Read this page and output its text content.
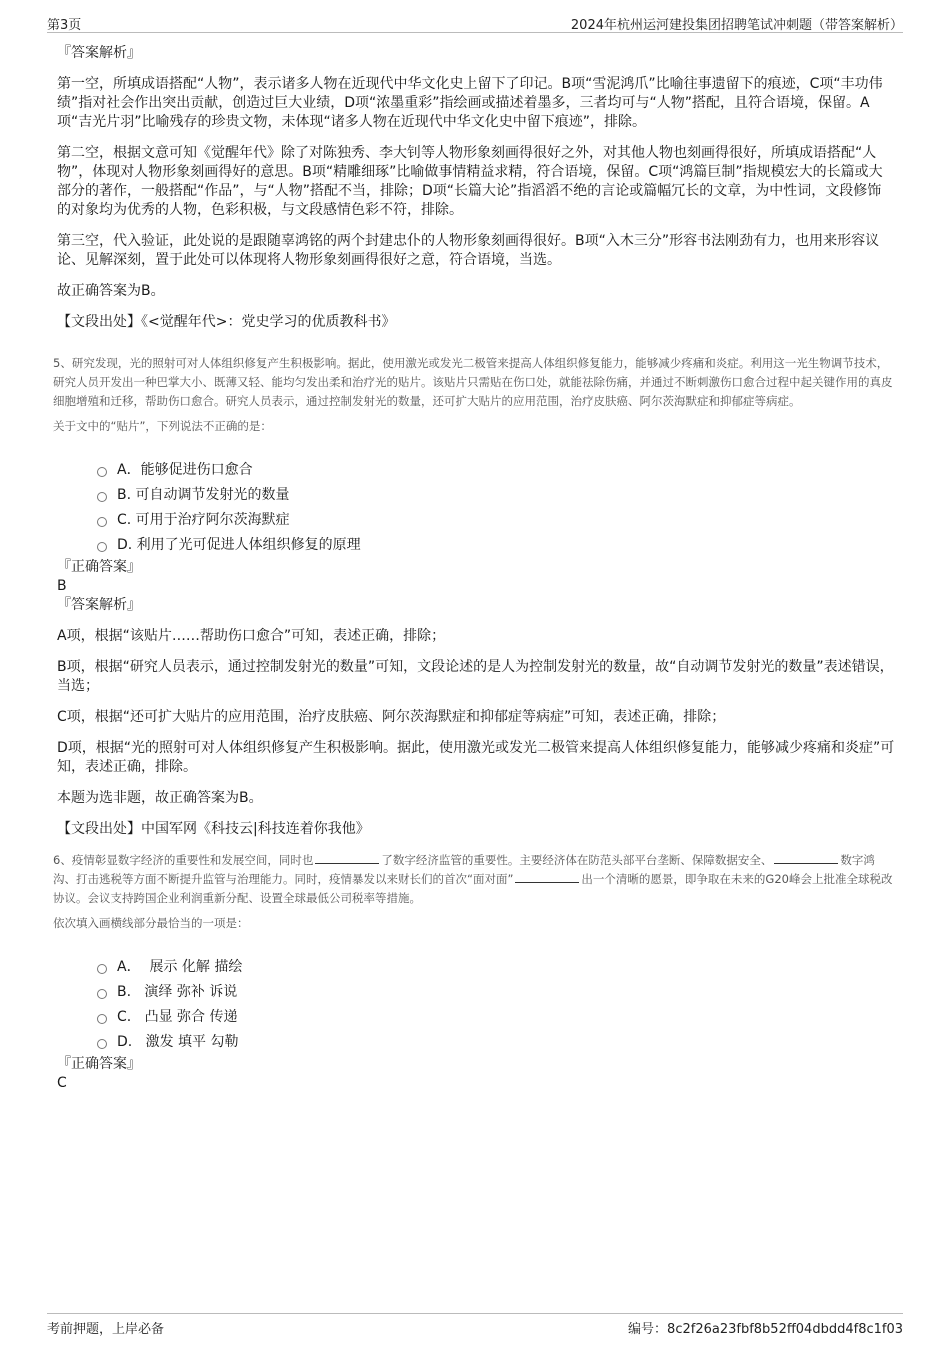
第3页	2024年杭州运河建投集团招聘笔试冲刺题（带答案解析）
『答案解析』

第一空，所填成语搭配“人物”，表示诸多人物在近现代中华文化史上留下了印记。B项“雪泥鸿爪”比喻往事遗留下的痕迹，C项“丰功伟绩”指对社会作出突出贡献，创造过巨大业绩，D项“浓墨重彩”指绘画或描述着墨多，三者均可与“人物”搭配，且符合语境，保留。A项“吉光片羽”比喻残存的珍贵文物，未体现“诸多人物在近现代中华文化史中留下痕迹”，排除。

第二空，根据文意可知《觉醒年代》除了对陈独秀、李大钊等人物形象刻画得很好之外，对其他人物也刻画得很好，所填成语搭配“人物”，体现对人物形象刻画得好的意思。B项“精雕细琢”比喻做事情精益求精，符合语境，保留。C项“鸿篇巨制”指规模宏大的长篇或大部分的著作，一般搭配“作品”，与“人物”搭配不当，排除；D项“长篇大论”指滔滔不绝的言论或篇幅冗长的文章，为中性词，文段修饰的对象均为优秀的人物，色彩积极，与文段感情色彩不符，排除。

第三空，代入验证，此处说的是跟随辜鸿铭的两个封建忠仆的人物形象刻画得很好。B项“入木三分”形容书法刚劲有力，也用来形容议论、见解深刻，置于此处可以体现将人物形象刻画得很好之意，符合语境，当选。

故正确答案为B。

【文段出处】《<觉醒年代>：党史学习的优质教科书》

5、研究发现，光的照射可对人体组织修复产生积极影响。据此，使用激光或发光二极管来提高人体组织修复能力，能够减少疼痛和炎症。利用这一光生物调节技术，研究人员开发出一种巴掌大小、既薄又轻、能均匀发出柔和治疗光的贴片。该贴片只需贴在伤口处，就能祛除伤痛，并通过不断刺激伤口愈合过程中起关键作用的真皮细胞增殖和迁移，帮助伤口愈合。研究人员表示，通过控制发射光的数量，还可扩大贴片的应用范围，治疗皮肤癌、阿尔茨海默症和抑郁症等病症。

关于文中的“贴片”，下列说法不正确的是：

A．能够促进伤口愈合
B. 可自动调节发射光的数量
C. 可用于治疗阿尔茨海默症
D. 利用了光可促进人体组织修复的原理
『正确答案』
B
『答案解析』

A项，根据“该贴片……帮助伤口愈合”可知，表述正确，排除；

B项，根据“研究人员表示，通过控制发射光的数量”可知，文段论述的是人为控制发射光的数量，故“自动调节发射光的数量”表述错误，当选；

C项，根据“还可扩大贴片的应用范围，治疗皮肤癌、阿尔茨海默症和抑郁症等病症”可知，表述正确，排除；

D项，根据“光的照射可对人体组织修复产生积极影响。据此，使用激光或发光二极管来提高人体组织修复能力，能够减少疼痛和炎症”可知，表述正确，排除。

本题为选非题，故正确答案为B。

【文段出处】中国军网《科技云|科技连着你我他》

6、疫情彰显数字经济的重要性和发展空间，同时也	了数字经济监管的重要性。主要经济体在防范头部平台垄断、保障数据安全、	数字鸿沟、打击逃税等方面不断提升监管与治理能力。同时，疫情暴发以来财长们的首次“面对面”	出一个清晰的愿景，即争取在未来的G20峰会上批准全球税改协议。会议支持跨国企业利润重新分配、设置全球最低公司税率等措施。

依次填入画横线部分最恰当的一项是：

A．  展示 化解 描绘
B.   演绎 弥补 诉说
C.   凸显 弥合 传递
D.   激发 填平 勾勒
『正确答案』
C
考前押题，上岸必备	编号：8c2f26a23fbf8b52ff04dbdd4f8c1f03
